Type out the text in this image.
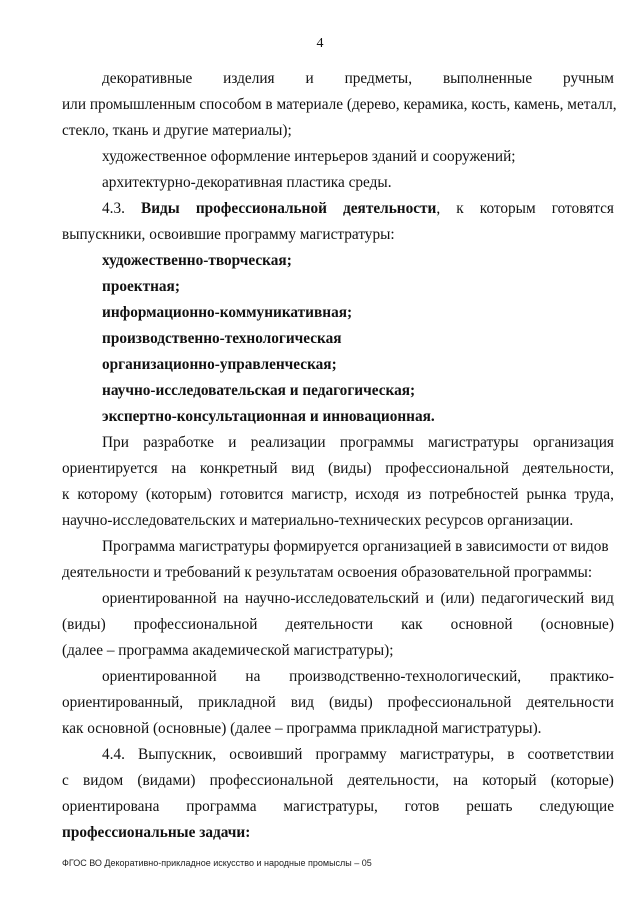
4
декоративные изделия и предметы, выполненные ручным
или промышленным способом в материале (дерево, керамика, кость, камень, металл,
стекло, ткань и другие материалы);
художественное оформление интерьеров зданий и сооружений;
архитектурно-декоративная пластика среды.
4.3. Виды профессиональной деятельности, к которым готовятся
выпускники, освоившие программу магистратуры:
художественно-творческая;
проектная;
информационно-коммуникативная;
производственно-технологическая
организационно-управленческая;
научно-исследовательская и педагогическая;
экспертно-консультационная и инновационная.
При разработке и реализации программы магистратуры организация
ориентируется на конкретный вид (виды) профессиональной деятельности,
к которому (которым) готовится магистр, исходя из потребностей рынка труда,
научно-исследовательских и материально-технических ресурсов организации.
Программа магистратуры формируется организацией в зависимости от видов
деятельности и требований к результатам освоения образовательной программы:
ориентированной на научно-исследовательский и (или) педагогический вид
(виды) профессиональной деятельности как основной (основные)
(далее – программа академической магистратуры);
ориентированной на производственно-технологический, практико-
ориентированный, прикладной вид (виды) профессиональной деятельности
как основной (основные) (далее – программа прикладной магистратуры).
4.4. Выпускник, освоивший программу магистратуры, в соответствии
с видом (видами) профессиональной деятельности, на который (которые)
ориентирована программа магистратуры, готов решать следующие
профессиональные задачи:
ФГОС ВО Декоративно-прикладное искусство и народные промыслы – 05
